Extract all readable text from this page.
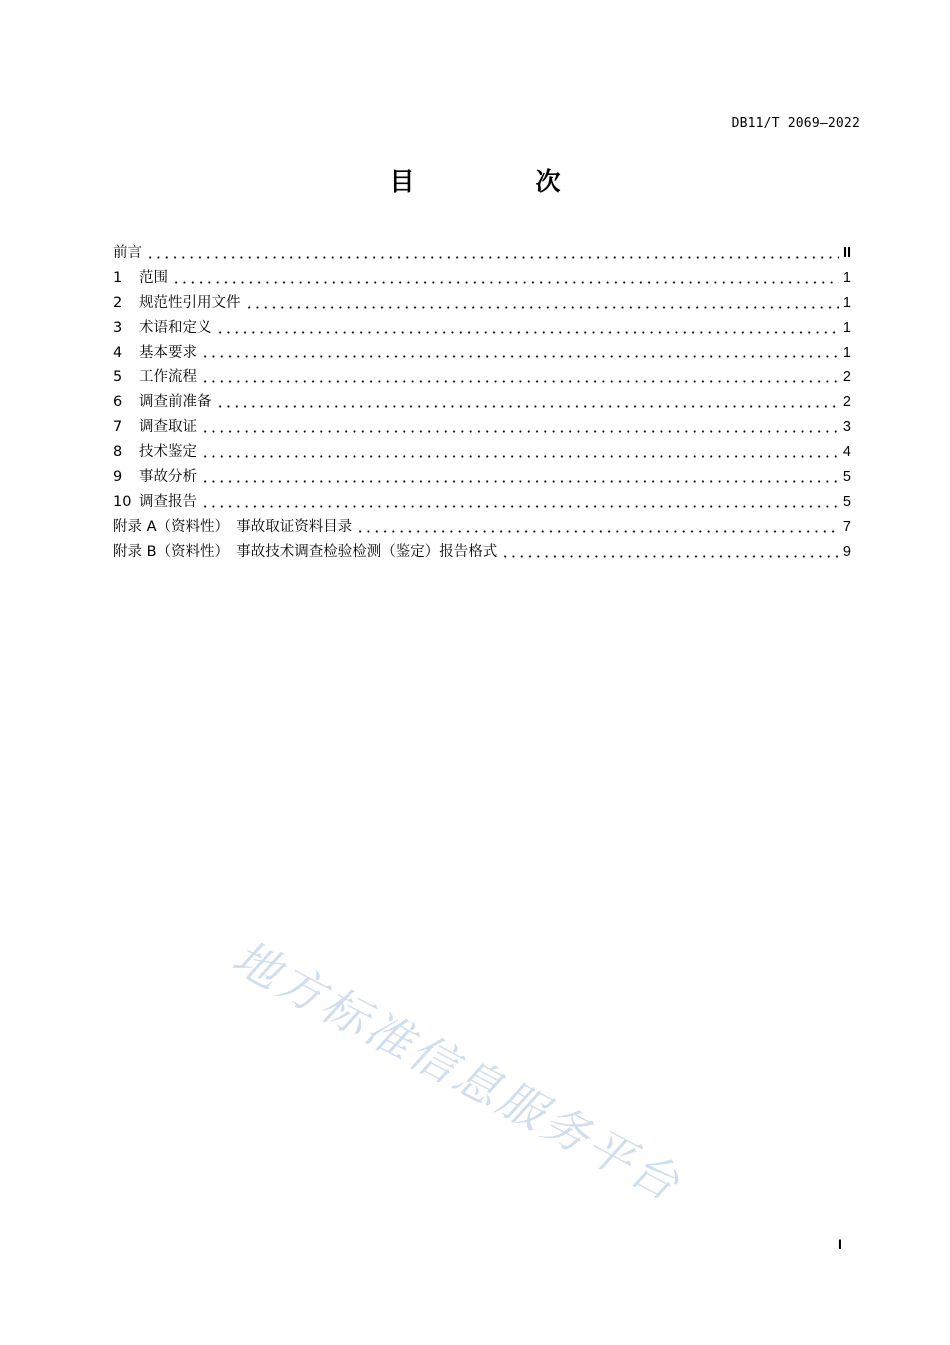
DB11/T 2069—2022
目　次
前言	II
1 范围	1
2 规范性引用文件	1
3 术语和定义	1
4 基本要求	1
5 工作流程	2
6 调查前准备	2
7 调查取证	3
8 技术鉴定	4
9 事故分析	5
10 调查报告	5
附录 A（资料性）　事故取证资料目录	7
附录 B（资料性）　事故技术调查检验检测（鉴定）报告格式	9
地方标准信息服务平台
I
